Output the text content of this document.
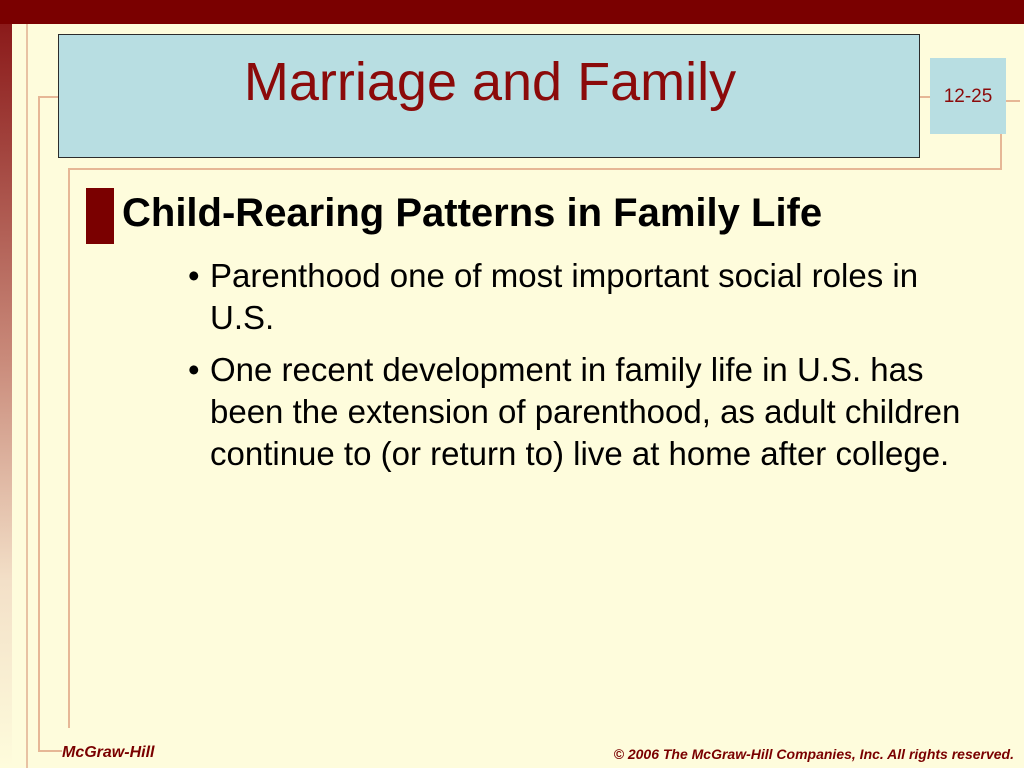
Marriage and Family	12-25
Child-Rearing Patterns in Family Life
• Parenthood one of most important social roles in U.S.
• One recent development in family life in U.S. has been the extension of parenthood, as adult children continue to (or return to) live at home after college.
McGraw-Hill	© 2006 The McGraw-Hill Companies, Inc. All rights reserved.
